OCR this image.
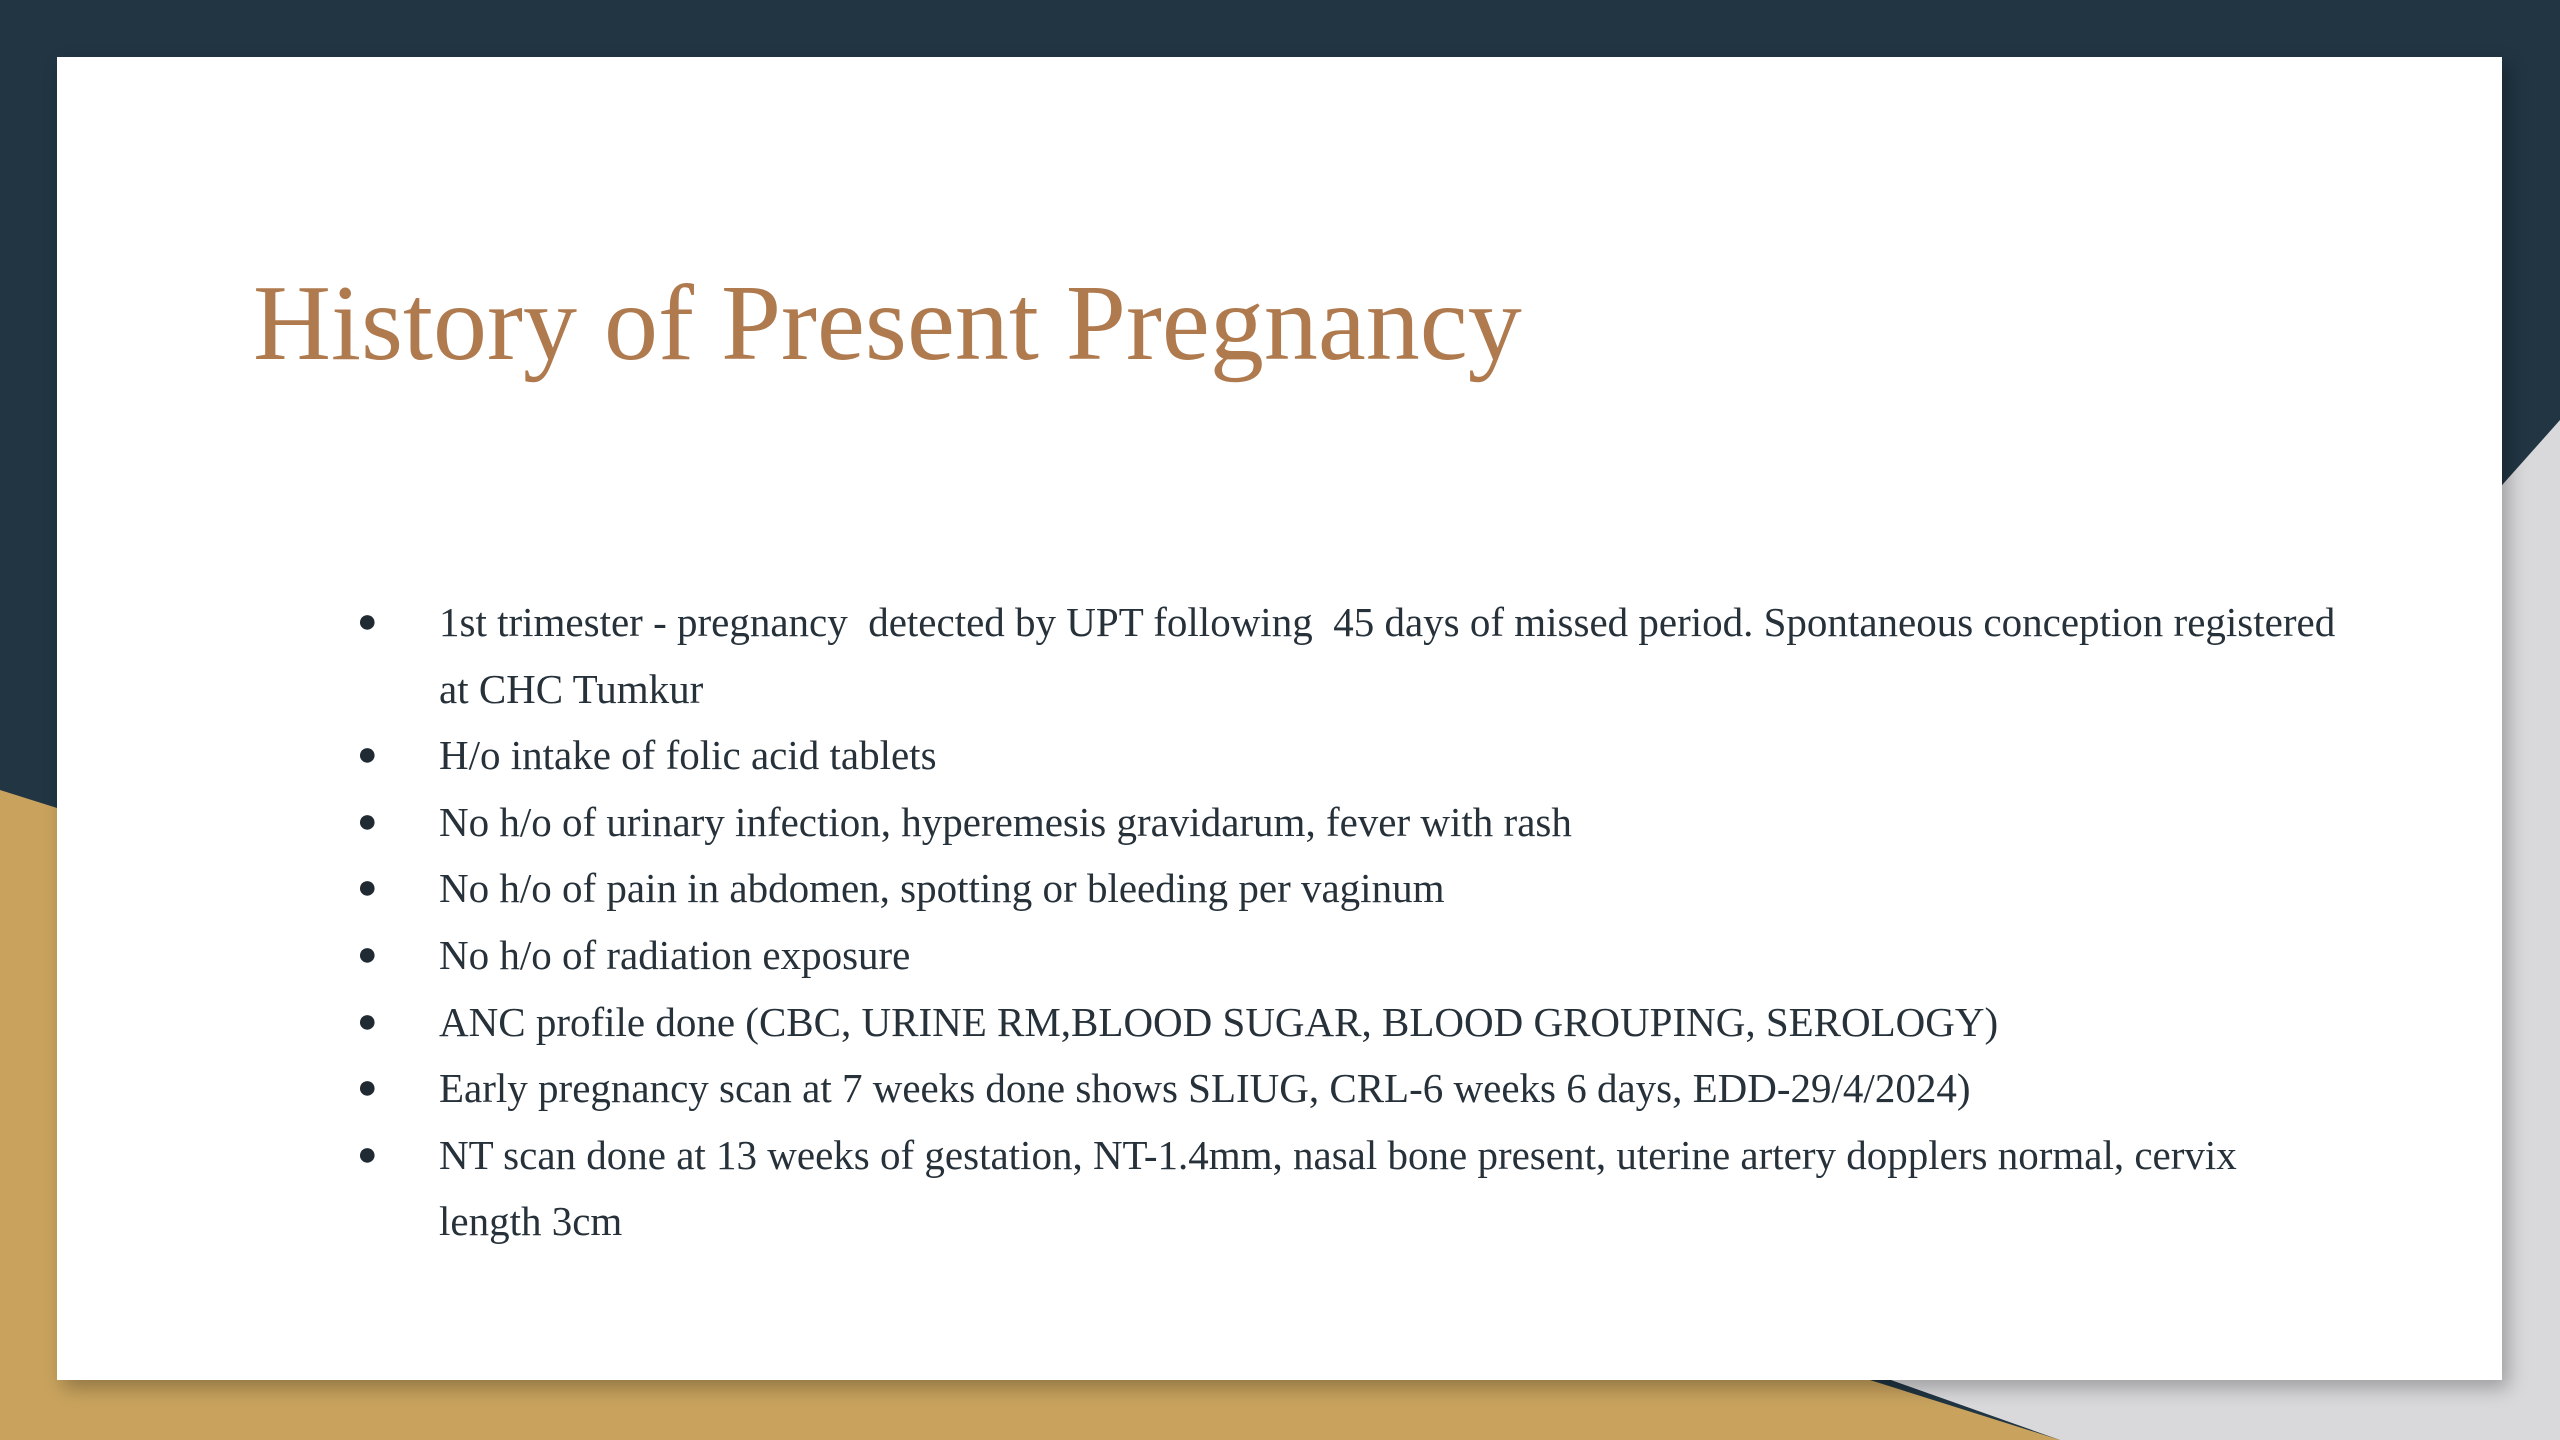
History of Present Pregnancy
● 1st trimester - pregnancy  detected by UPT following  45 days of missed period. Spontaneous conception registered at CHC Tumkur
● H/o intake of folic acid tablets
● No h/o of urinary infection, hyperemesis gravidarum, fever with rash
● No h/o of pain in abdomen, spotting or bleeding per vaginum
● No h/o of radiation exposure
● ANC profile done (CBC, URINE RM,BLOOD SUGAR, BLOOD GROUPING, SEROLOGY)
● Early pregnancy scan at 7 weeks done shows SLIUG, CRL-6 weeks 6 days, EDD-29/4/2024)
● NT scan done at 13 weeks of gestation, NT-1.4mm, nasal bone present, uterine artery dopplers normal, cervix length 3cm
